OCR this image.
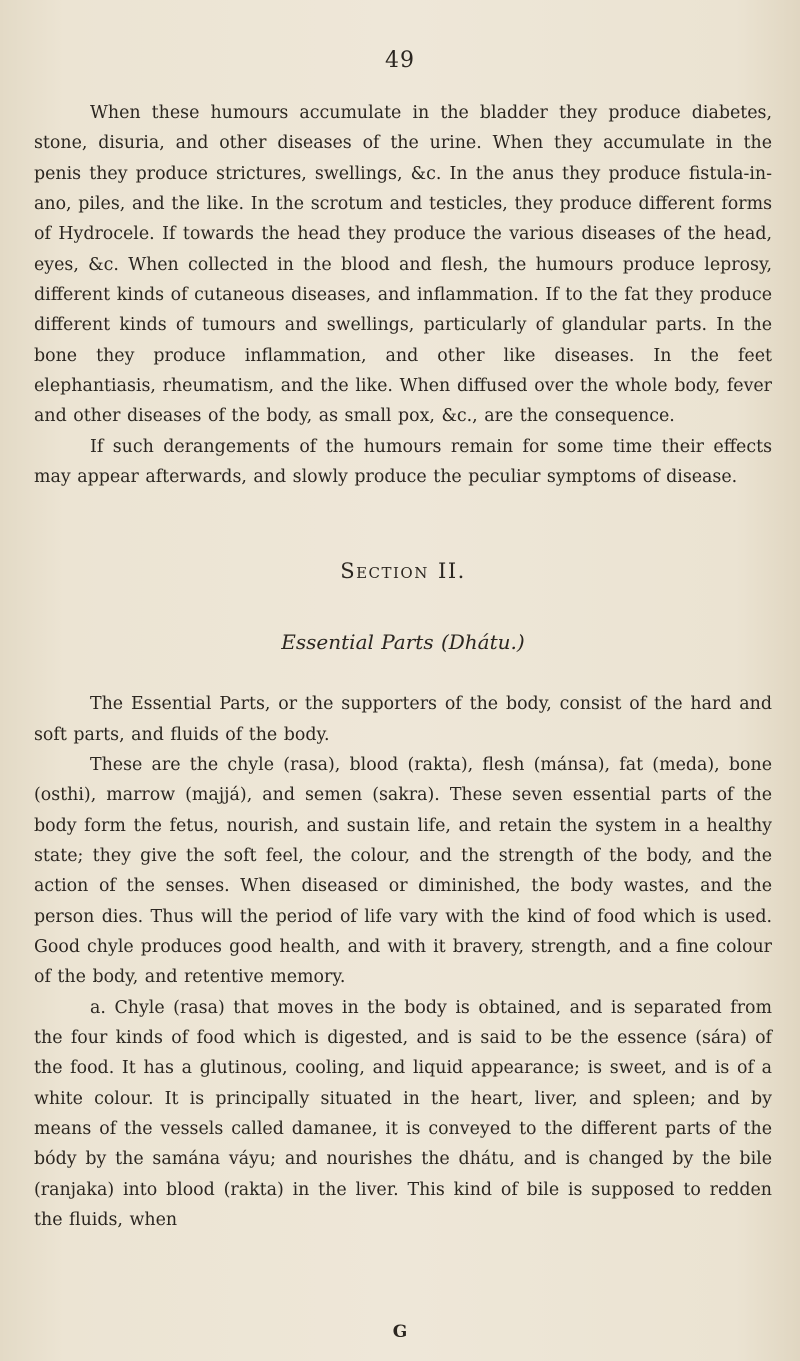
49

When these humours accumulate in the bladder they produce diabetes, stone, disuria, and other diseases of the urine. When they accumulate in the penis they produce strictures, swellings, &c. In the anus they produce fistula-in-ano, piles, and the like. In the scrotum and testicles, they produce different forms of Hydrocele. If towards the head they produce the various diseases of the head, eyes, &c. When collected in the blood and flesh, the humours produce leprosy, different kinds of cutaneous diseases, and inflammation. If to the fat they produce different kinds of tumours and swellings, particularly of glandular parts. In the bone they produce inflammation, and other like diseases. In the feet elephantiasis, rheumatism, and the like. When diffused over the whole body, fever and other diseases of the body, as small pox, &c., are the consequence.

If such derangements of the humours remain for some time their effects may appear afterwards, and slowly produce the peculiar symptoms of disease.

Section II.

Essential Parts (Dhátu.)

The Essential Parts, or the supporters of the body, consist of the hard and soft parts, and fluids of the body.

These are the chyle (rasa), blood (rakta), flesh (mánsa), fat (meda), bone (osthi), marrow (majjá), and semen (sakra). These seven essential parts of the body form the fetus, nourish, and sustain life, and retain the system in a healthy state; they give the soft feel, the colour, and the strength of the body, and the action of the senses. When diseased or diminished, the body wastes, and the person dies. Thus will the period of life vary with the kind of food which is used. Good chyle produces good health, and with it bravery, strength, and a fine colour of the body, and retentive memory.

a. Chyle (rasa) that moves in the body is obtained, and is separated from the four kinds of food which is digested, and is said to be the essence (sára) of the food. It has a glutinous, cooling, and liquid appearance; is sweet, and is of a white colour. It is principally situated in the heart, liver, and spleen; and by means of the vessels called damanee, it is conveyed to the different parts of the bódy by the samána váyu; and nourishes the dhátu, and is changed by the bile (ranjaka) into blood (rakta) in the liver. This kind of bile is supposed to redden the fluids, when

G
